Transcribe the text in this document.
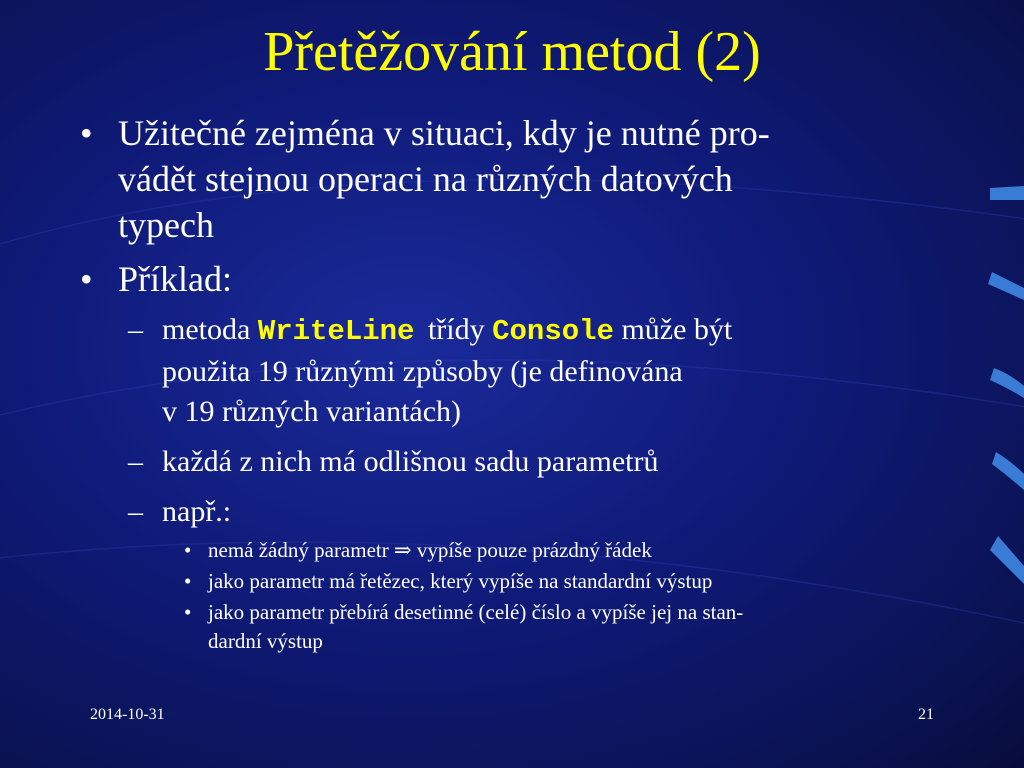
Přetěžování metod (2)
• Užitečné zejména v situaci, kdy je nutné pro-
vádět stejnou operaci na různých datových
typech
• Příklad:
– metoda WriteLine třídy Console může být
použita 19 různými způsoby (je definována
v 19 různých variantách)
– každá z nich má odlišnou sadu parametrů
– např.:
• nemá žádný parametr ⇒ vypíše pouze prázdný řádek
• jako parametr má řetězec, který vypíše na standardní výstup
• jako parametr přebírá desetinné (celé) číslo a vypíše jej na stan-
dardní výstup
2014-10-31	21
